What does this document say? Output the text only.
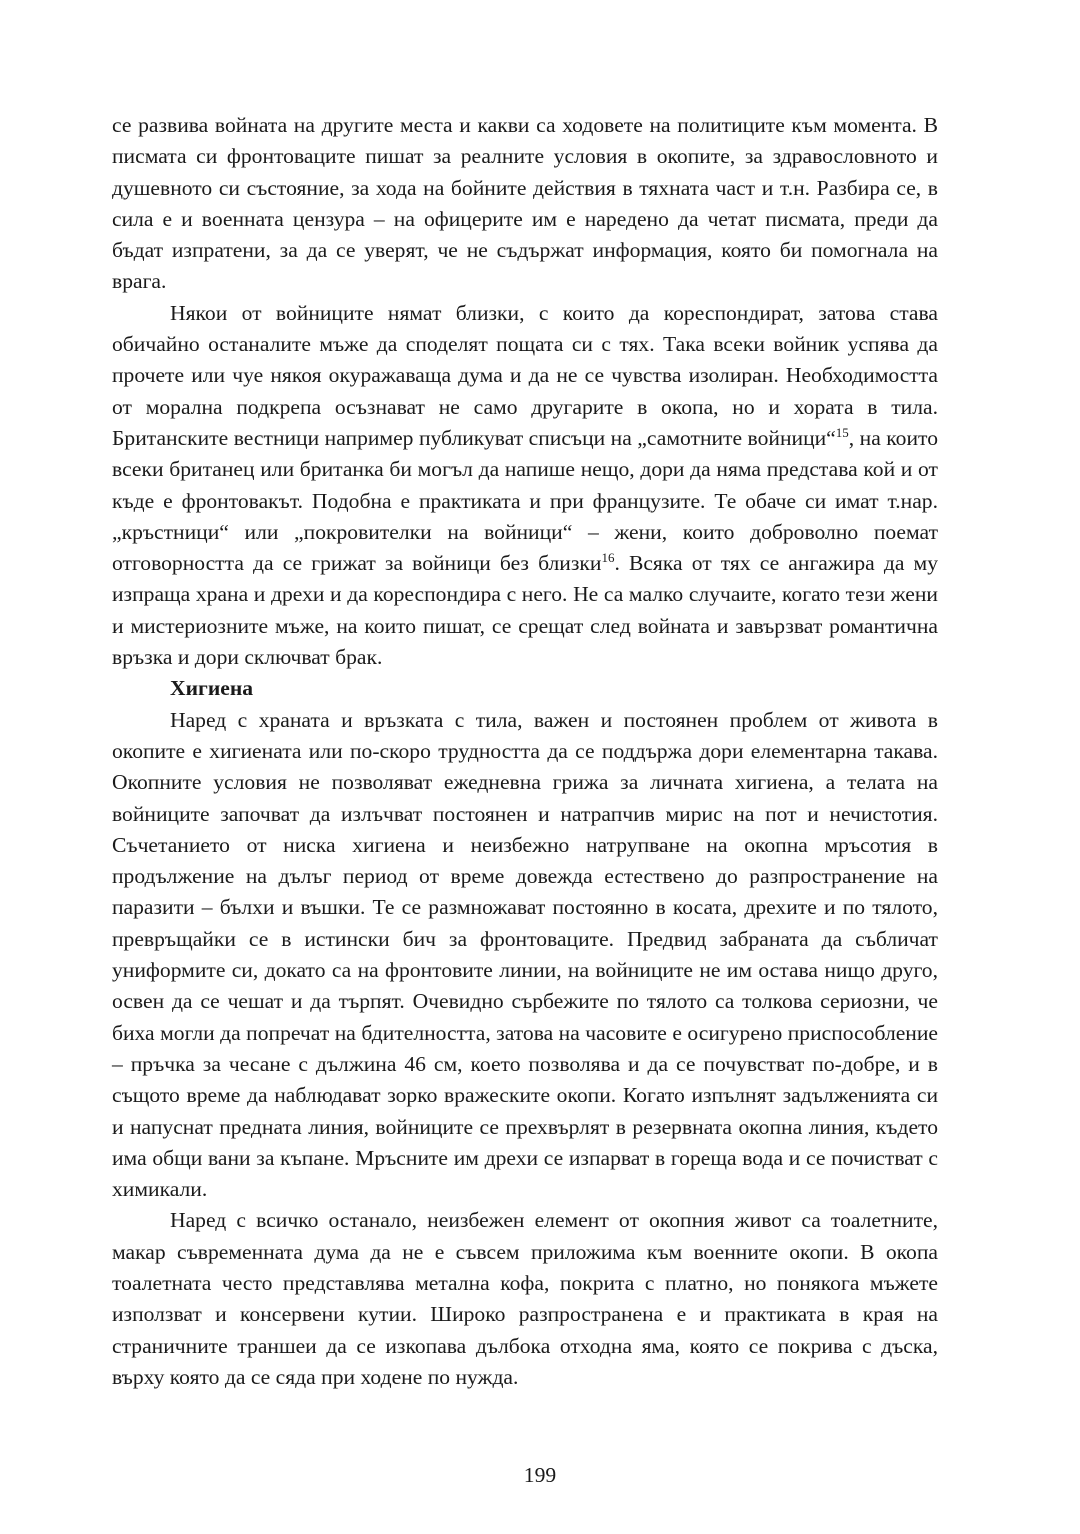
се развива войната на другите места и какви са ходовете на политиците към момента. В писмата си фронтоваците пишат за реалните условия в окопите, за здравословното и душевното си състояние, за хода на бойните действия в тяхната част и т.н. Разбира се, в сила е и военната цензура – на офицерите им е наредено да четат писмата, преди да бъдат изпратени, за да се уверят, че не съдържат информация, която би помогнала на врага.

Някои от войниците нямат близки, с които да кореспондират, затова става обичайно останалите мъже да споделят пощата си с тях. Така всеки войник успява да прочете или чуе някоя окуражаваща дума и да не се чувства изолиран. Необходимостта от морална подкрепа осъзнават не само другарите в окопа, но и хората в тила. Британските вестници например публикуват списъци на „самотните войници“$^{15}$, на които всеки британец или британка би могъл да напише нещо, дори да няма представа кой и от къде е фронтовакът. Подобна е практиката и при французите. Те обаче си имат т.нар. „кръстници“ или „покровителки на войници“ – жени, които доброволно поемат отговорността да се грижат за войници без близки$^{16}$. Всяка от тях се ангажира да му изпраща храна и дрехи и да кореспондира с него. Не са малко случаите, когато тези жени и мистериозните мъже, на които пишат, се срещат след войната и завързват романтична връзка и дори сключват брак.

Хигиена

Наред с храната и връзката с тила, важен и постоянен проблем от живота в окопите е хигиената или по-скоро трудността да се поддържа дори елементарна такава. Окопните условия не позволяват ежедневна грижа за личната хигиена, а телата на войниците започват да излъчват постоянен и натрапчив мирис на пот и нечистотия. Съчетанието от ниска хигиена и неизбежно натрупване на окопна мръсотия в продължение на дълъг период от време довежда естествено до разпространение на паразити – бълхи и въшки. Те се размножават постоянно в косата, дрехите и по тялото, превръщайки се в истински бич за фронтоваците. Предвид забраната да събличат униформите си, докато са на фронтовите линии, на войниците не им остава нищо друго, освен да се чешат и да търпят. Очевидно сърбежите по тялото са толкова сериозни, че биха могли да попречат на бдителността, затова на часовите е осигурено приспособление – пръчка за чесане с дължина 46 см, което позволява и да се почувстват по-добре, и в същото време да наблюдават зорко вражеските окопи. Когато изпълнят задълженията си и напуснат предната линия, войниците се прехвърлят в резервната окопна линия, където има общи вани за къпане. Мръсните им дрехи се изпарват в гореща вода и се почистват с химикали.

Наред с всичко останало, неизбежен елемент от окопния живот са тоалетните, макар съвременната дума да не е съвсем приложима към военните окопи. В окопа тоалетната често представлява метална кофа, покрита с платно, но понякога мъжете използват и консервени кутии. Широко разпространена е и практиката в края на страничните траншеи да се изкопава дълбока отходна яма, която се покрива с дъска, върху която да се сяда при ходене по нужда.

199
